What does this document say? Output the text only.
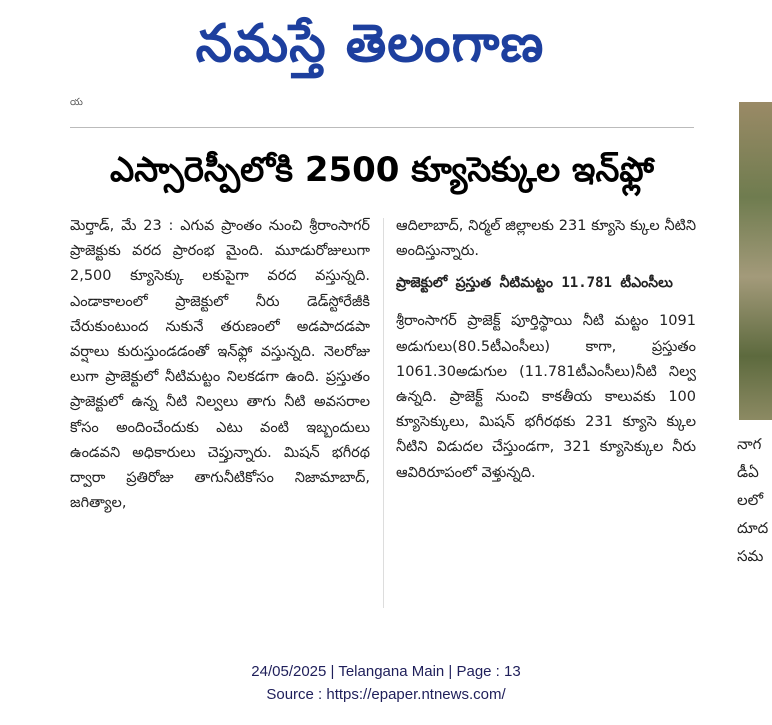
నమస్తే తెలంగాణ
య
ఎస్సారెస్పీలోకి 2500 క్యూసెక్కుల ఇన్‌ఫ్లో

మెర్తాడ్, మే 23 : ఎగువ ప్రాంతం నుంచి శ్రీరాంసాగర్ ప్రాజెక్టుకు వరద ప్రారంభ మైంది. మూడురోజులుగా 2,500 క్యూసెక్కు లకుపైగా వరద వస్తున్నది. ఎండాకాలంలో ప్రాజెక్టులో నీరు డెడ్‌స్టోరేజీకి చేరుకుంటుంద నుకునే తరుణంలో అడపాదడపా వర్షాలు కురుస్తుండడంతో ఇన్‌ఫ్లో వస్తున్నది. నెలరోజు లుగా ప్రాజెక్టులో నీటిమట్టం నిలకడగా ఉంది. ప్రస్తుతం ప్రాజెక్టులో ఉన్న నీటి నిల్వలు తాగు నీటి అవసరాల కోసం అందించేందుకు ఎటు వంటి ఇబ్బందులు ఉండవని అధికారులు చెప్తున్నారు. మిషన్ భగీరథ ద్వారా ప్రతిరోజు తాగునీటికోసం నిజామాబాద్, జగిత్యాల,

ఆదిలాబాద్, నిర్మల్ జిల్లాలకు 231 క్యూసె క్కుల నీటిని అందిస్తున్నారు.

ప్రాజెక్టులో ప్రస్తుత నీటిమట్టం 11.781 టీఎంసీలు

శ్రీరాంసాగర్ ప్రాజెక్ట్ పూర్తిస్థాయి నీటి మట్టం 1091 అడుగులు(80.5టీఎంసీలు) కాగా, ప్రస్తుతం 1061.30అడుగుల (11.781టీఎంసీలు)నీటి నిల్వ ఉన్నది. ప్రాజెక్ట్ నుంచి కాకతీయ కాలువకు 100 క్యూసెక్కులు, మిషన్ భగీరథకు 231 క్యూసె క్కుల నీటిని విడుదల చేస్తుండగా, 321 క్యూసెక్కుల నీరు ఆవిరిరూపంలో వెళ్తున్నది.

నాగ
డీఏ
లలో
దూద
సమ
24/05/2025 | Telangana Main | Page : 13
Source : https://epaper.ntnews.com/
